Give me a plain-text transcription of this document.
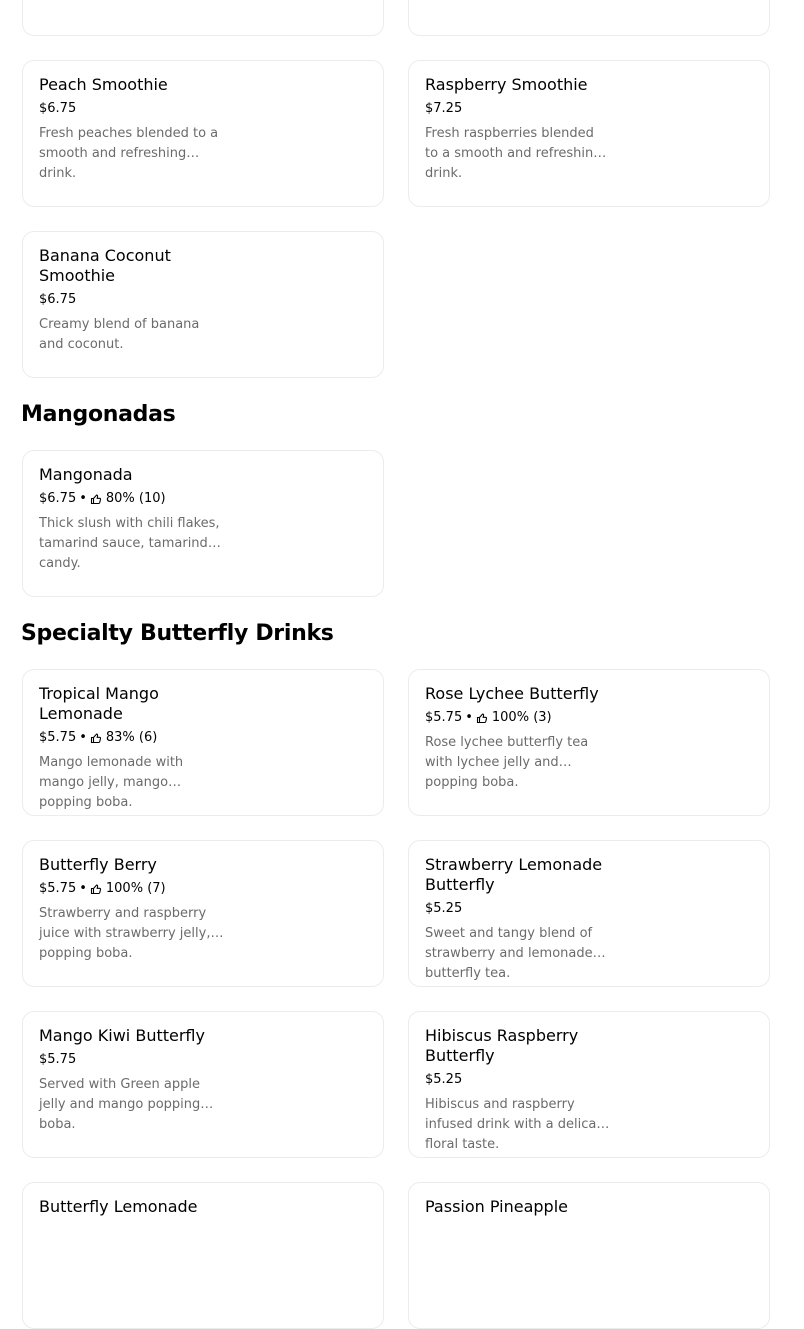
Peach Smoothie
$6.75
Fresh peaches blended to a smooth and refreshing drink.
Raspberry Smoothie
$7.25
Fresh raspberries blended to a smooth and refreshing drink.
Banana Coconut Smoothie
$6.75
Creamy blend of banana and coconut.
Mangonadas
Mangonada
$6.75 • 80% (10)
Thick slush with chili flakes, tamarind sauce, tamarind candy.
Specialty Butterfly Drinks
Tropical Mango Lemonade
$5.75 • 83% (6)
Mango lemonade with mango jelly, mango popping boba.
Rose Lychee Butterfly
$5.75 • 100% (3)
Rose lychee butterfly tea with lychee jelly and popping boba.
Butterfly Berry
$5.75 • 100% (7)
Strawberry and raspberry juice with strawberry jelly, popping boba.
Strawberry Lemonade Butterfly
$5.25
Sweet and tangy blend of strawberry and lemonade butterfly tea.
Mango Kiwi Butterfly
$5.75
Served with Green apple jelly and mango popping boba.
Hibiscus Raspberry Butterfly
$5.25
Hibiscus and raspberry infused drink with a delicate floral taste.
Butterfly Lemonade	Passion Pineapple
